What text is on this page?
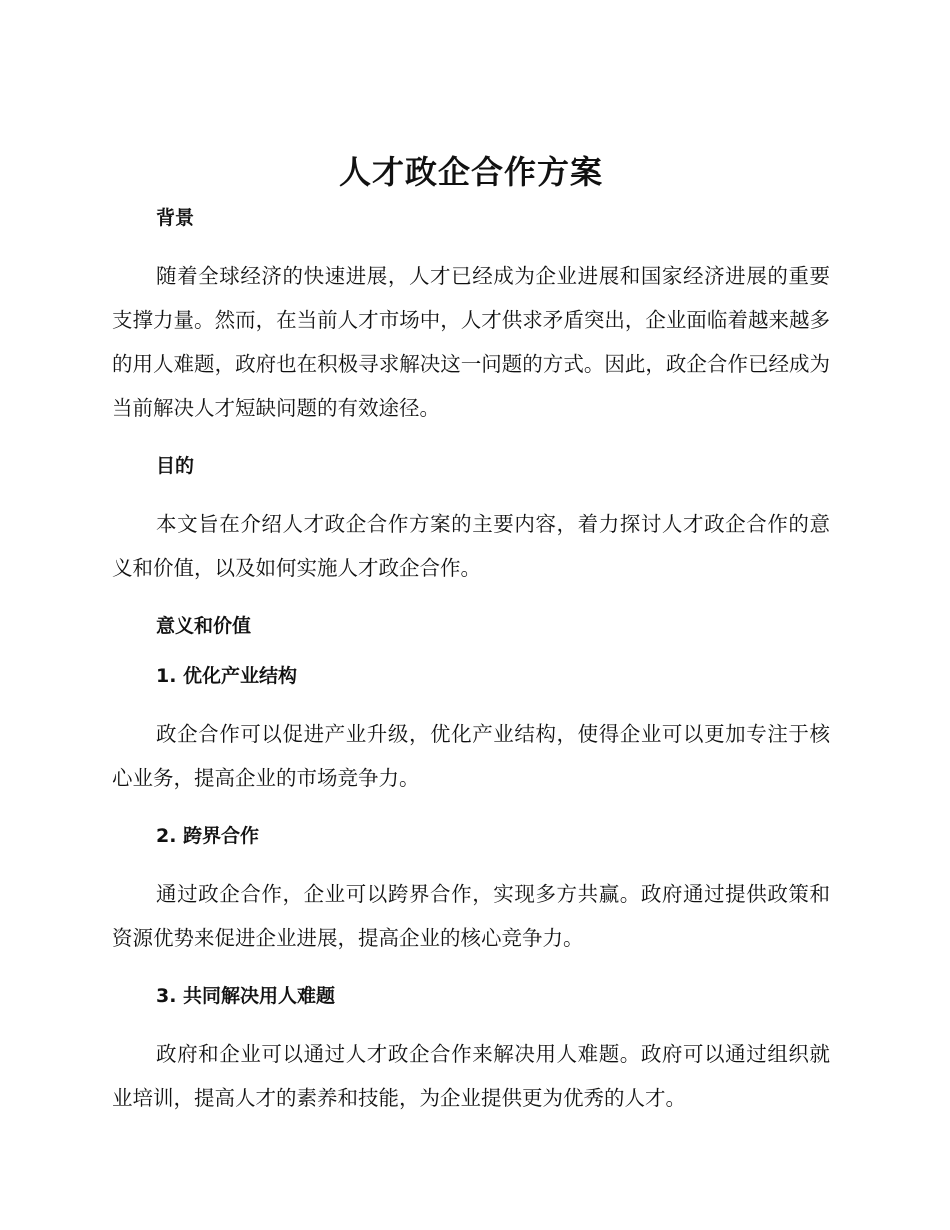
人才政企合作方案
背景

随着全球经济的快速进展，人才已经成为企业进展和国家经济进展的重要支撑力量。然而，在当前人才市场中，人才供求矛盾突出，企业面临着越来越多的用人难题，政府也在积极寻求解决这一问题的方式。因此，政企合作已经成为当前解决人才短缺问题的有效途径。

目的

本文旨在介绍人才政企合作方案的主要内容，着力探讨人才政企合作的意义和价值，以及如何实施人才政企合作。

意义和价值
1. 优化产业结构

政企合作可以促进产业升级，优化产业结构，使得企业可以更加专注于核心业务，提高企业的市场竞争力。

2. 跨界合作

通过政企合作，企业可以跨界合作，实现多方共赢。政府通过提供政策和资源优势来促进企业进展，提高企业的核心竞争力。

3. 共同解决用人难题

政府和企业可以通过人才政企合作来解决用人难题。政府可以通过组织就业培训，提高人才的素养和技能，为企业提供更为优秀的人才。
